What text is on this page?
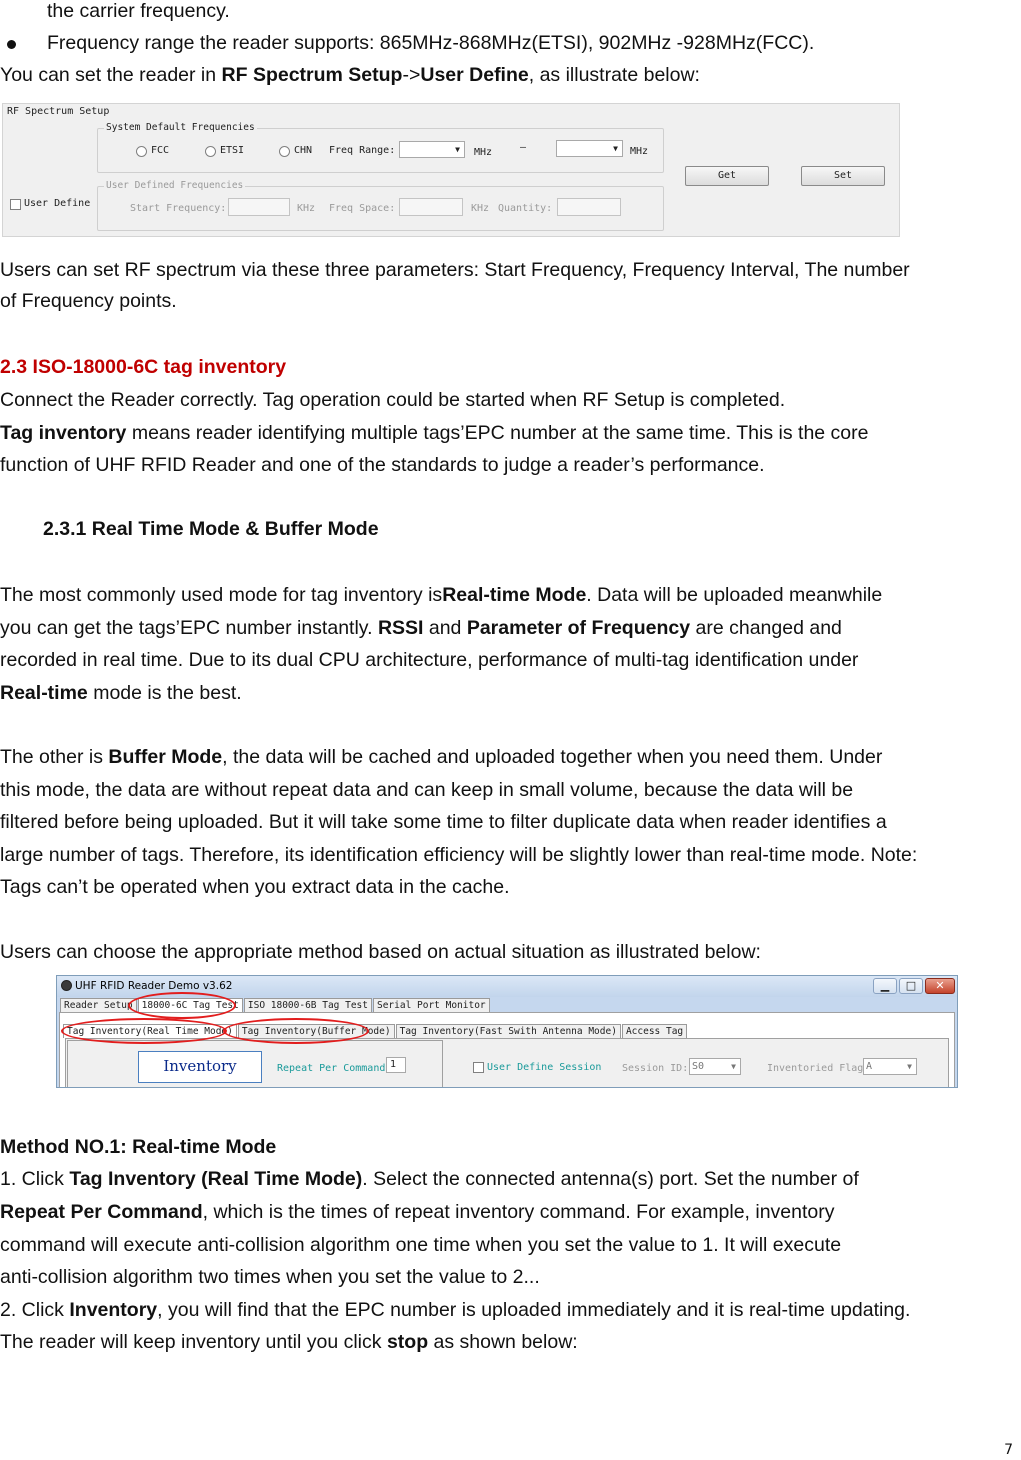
the carrier frequency.
Frequency range the reader supports: 865MHz-868MHz(ETSI), 902MHz -928MHz(FCC).
You can set the reader in RF Spectrum Setup->User Define, as illustrate below:
RF Spectrum Setup
System Default Frequencies
FCC	ETSI	CHN Freq Range:	▼ MHz	—	▼ MHz
User Define
User Defined Frequencies
Start Frequency:	KHz Freq Space:	KHz Quantity:
Get	Set
Users can set RF spectrum via these three parameters: Start Frequency, Frequency Interval, The number
of Frequency points.
2.3 ISO-18000-6C tag inventory
Connect the Reader correctly. Tag operation could be started when RF Setup is completed.
Tag inventory means reader identifying multiple tags’EPC number at the same time. This is the core
function of UHF RFID Reader and one of the standards to judge a reader’s performance.
2.3.1 Real Time Mode & Buffer Mode
The most commonly used mode for tag inventory isReal-time Mode. Data will be uploaded meanwhile
you can get the tags’EPC number instantly. RSSI and Parameter of Frequency are changed and
recorded in real time. Due to its dual CPU architecture, performance of multi-tag identification under
Real-time mode is the best.
The other is Buffer Mode, the data will be cached and uploaded together when you need them. Under
this mode, the data are without repeat data and can keep in small volume, because the data will be
filtered before being uploaded. But it will take some time to filter duplicate data when reader identifies a
large number of tags. Therefore, its identification efficiency will be slightly lower than real-time mode. Note:
Tags can’t be operated when you extract data in the cache.
Users can choose the appropriate method based on actual situation as illustrated below:
UHF RFID Reader Demo v3.62	▁	□	✕
Reader Setup 18000-6C Tag Test ISO 18000-6B Tag Test Serial Port Monitor
Tag Inventory(Real Time Mode) Tag Inventory(Buffer Mode) Tag Inventory(Fast Swith Antenna Mode) Access Tag
Inventory	Repeat Per Command 1	User Define Session Session ID: S0	▼	Inventoried Flag A	▼
Method NO.1: Real-time Mode
1. Click Tag Inventory (Real Time Mode). Select the connected antenna(s) port. Set the number of
Repeat Per Command, which is the times of repeat inventory command. For example, inventory
command will execute anti-collision algorithm one time when you set the value to 1. It will execute
anti-collision algorithm two times when you set the value to 2...
2. Click Inventory, you will find that the EPC number is uploaded immediately and it is real-time updating.
The reader will keep inventory until you click stop as shown below:
7
